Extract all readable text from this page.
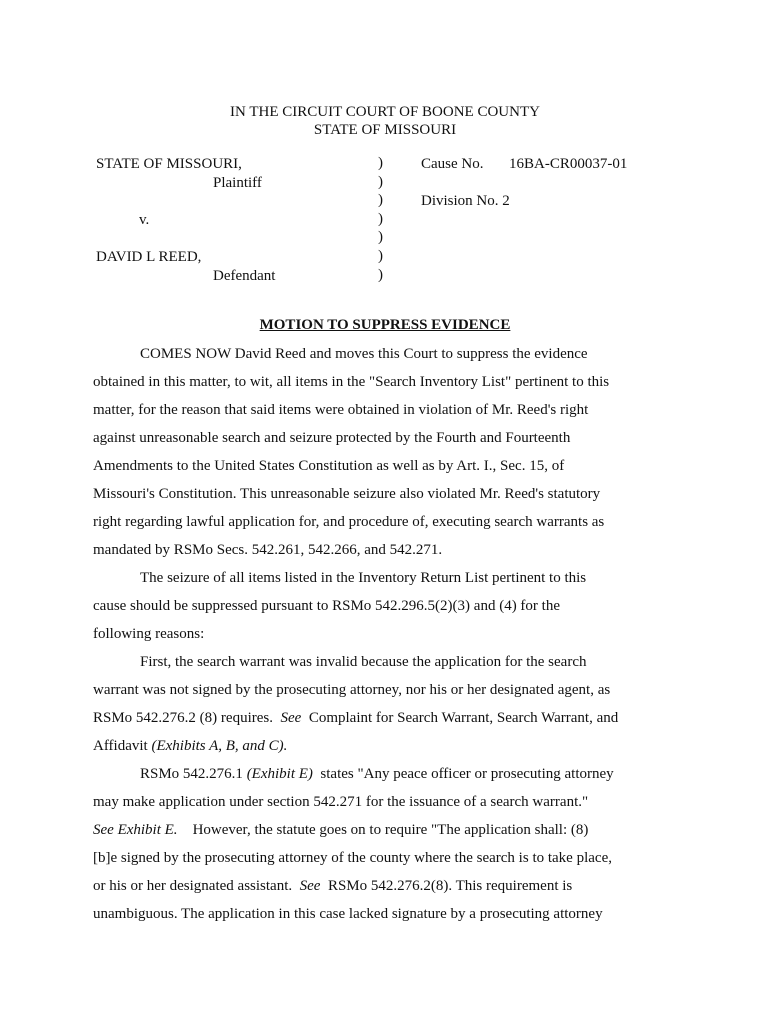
IN THE CIRCUIT COURT OF BOONE COUNTY
STATE OF MISSOURI
STATE OF MISSOURI,
Plaintiff
v.
DAVID L REED,
Defendant
)
)
)
)
)
)
)
Cause No. 16BA-CR00037-01
Division No. 2
MOTION TO SUPPRESS EVIDENCE
COMES NOW David Reed and moves this Court to suppress the evidence
obtained in this matter, to wit, all items in the "Search Inventory List" pertinent to this
matter, for the reason that said items were obtained in violation of Mr. Reed's right
against unreasonable search and seizure protected by the Fourth and Fourteenth
Amendments to the United States Constitution as well as by Art. I., Sec. 15, of
Missouri's Constitution. This unreasonable seizure also violated Mr. Reed's statutory
right regarding lawful application for, and procedure of, executing search warrants as
mandated by RSMo Secs. 542.261, 542.266, and 542.271.
The seizure of all items listed in the Inventory Return List pertinent to this
cause should be suppressed pursuant to RSMo 542.296.5(2)(3) and (4) for the
following reasons:
First, the search warrant was invalid because the application for the search
warrant was not signed by the prosecuting attorney, nor his or her designated agent, as
RSMo 542.276.2 (8) requires. See Complaint for Search Warrant, Search Warrant, and
Affidavit (Exhibits A, B, and C).
RSMo 542.276.1 (Exhibit E) states "Any peace officer or prosecuting attorney
may make application under section 542.271 for the issuance of a search warrant."
See Exhibit E. However, the statute goes on to require "The application shall: (8)
[b]e signed by the prosecuting attorney of the county where the search is to take place,
or his or her designated assistant. See RSMo 542.276.2(8). This requirement is
unambiguous. The application in this case lacked signature by a prosecuting attorney
